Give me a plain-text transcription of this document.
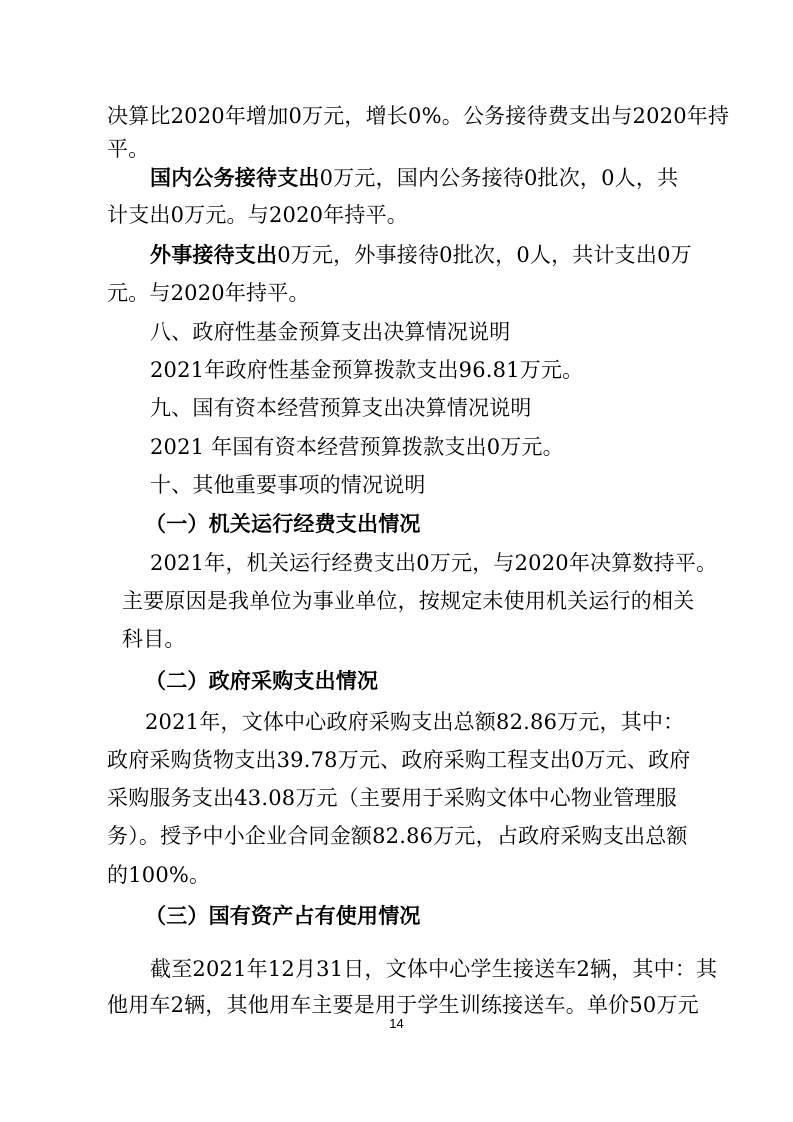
决算比2020年增加0万元，增长0%。公务接待费支出与2020年持
平。
国内公务接待支出0万元，国内公务接待0批次，0人，共
计支出0万元。与2020年持平。
外事接待支出0万元，外事接待0批次，0人，共计支出0万
元。与2020年持平。
八、政府性基金预算支出决算情况说明
2021年政府性基金预算拨款支出96.81万元。
九、国有资本经营预算支出决算情况说明
2021 年国有资本经营预算拨款支出0万元。
十、其他重要事项的情况说明
（一）机关运行经费支出情况
2021年，机关运行经费支出0万元，与2020年决算数持平。
主要原因是我单位为事业单位，按规定未使用机关运行的相关
科目。
（二）政府采购支出情况
2021年，文体中心政府采购支出总额82.86万元，其中：
政府采购货物支出39.78万元、政府采购工程支出0万元、政府
采购服务支出43.08万元（主要用于采购文体中心物业管理服
务）。授予中小企业合同金额82.86万元，占政府采购支出总额
的100%。
（三）国有资产占有使用情况
截至2021年12月31日，文体中心学生接送车2辆，其中：其
他用车2辆，其他用车主要是用于学生训练接送车。单价50万元
14
